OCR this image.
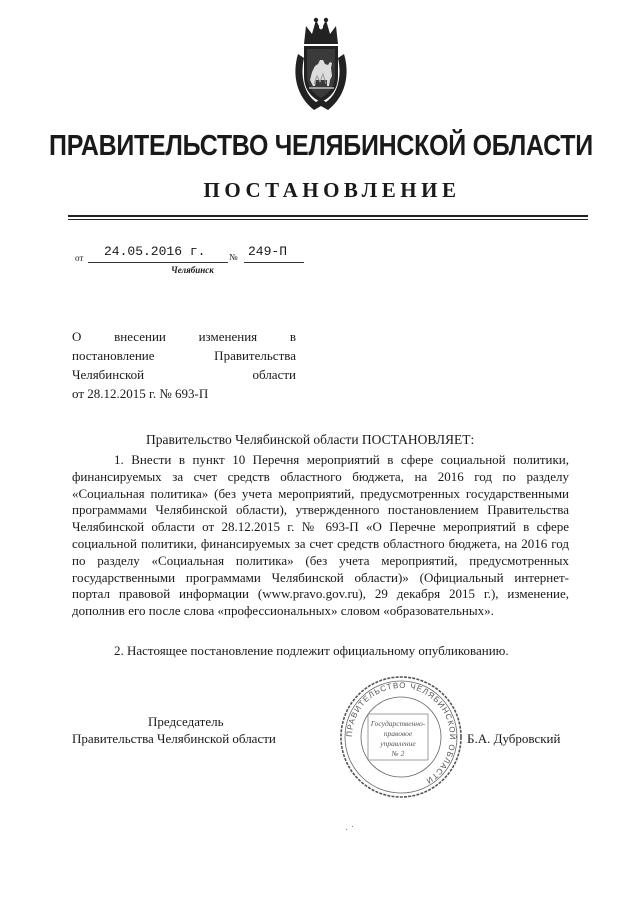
ПРАВИТЕЛЬСТВО ЧЕЛЯБИНСКОЙ ОБЛАСТИ
ПОСТАНОВЛЕНИЕ
от 24.05.2016 г.	№ 249-П
Челябинск
О внесении изменения в
постановление Правительства
Челябинской области
от 28.12.2015 г. № 693-П
Правительство Челябинской области ПОСТАНОВЛЯЕТ:
1. Внести в пункт 10 Перечня мероприятий в сфере социальной политики, финансируемых за счет средств областного бюджета, на 2016 год по разделу «Социальная политика» (без учета мероприятий, предусмотренных государственными программами Челябинской области), утвержденного постановлением Правительства Челябинской области от 28.12.2015 г. № 693-П «О Перечне мероприятий в сфере социальной политики, финансируемых за счет средств областного бюджета, на 2016 год по разделу «Социальная политика» (без учета мероприятий, предусмотренных государственными программами Челябинской области)» (Официальный интернет-портал правовой информации (www.pravo.gov.ru), 29 декабря 2015 г.), изменение, дополнив его после слова «профессиональных» словом «образовательных».
2. Настоящее постановление подлежит официальному опубликованию.
Председатель
Правительства Челябинской области	Б.А. Дубровский
ПРАВИТЕЛЬСТВО ЧЕЛЯБИНСКОЙ ОБЛАСТИ
Государственно-
правовое
управление
№ 2
· ˙
